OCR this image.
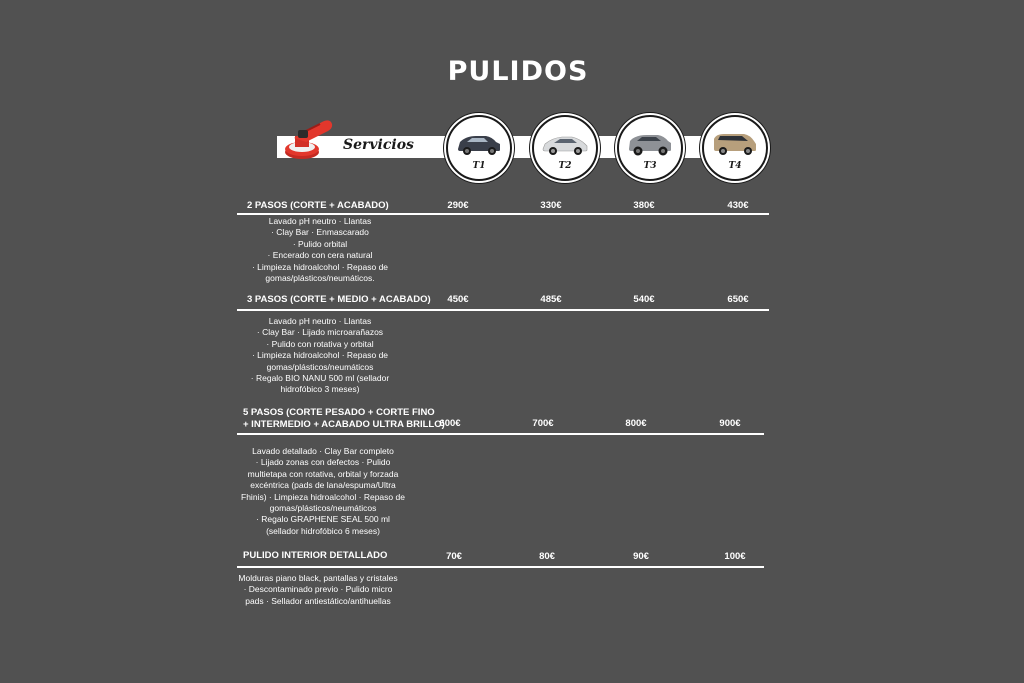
PULIDOS
Servicios
T1	T2	T3	T4
2 PASOS (CORTE + ACABADO)	290€	330€	380€	430€
Lavado pH neutro · Llantas
· Clay Bar · Enmascarado
· Pulido orbital
· Encerado con cera natural
· Limpieza hidroalcohol · Repaso de
gomas/plásticos/neumáticos.
3 PASOS (CORTE + MEDIO + ACABADO)	450€	485€	540€	650€
Lavado pH neutro · Llantas
· Clay Bar · Lijado microarañazos
· Pulido con rotativa y orbital
· Limpieza hidroalcohol · Repaso de
gomas/plásticos/neumáticos
· Regalo BIO NANU 500 ml (sellador
hidrofóbico 3 meses)
5 PASOS (CORTE PESADO + CORTE FINO
+ INTERMEDIO + ACABADO ULTRA BRILLO)
600€	700€	800€	900€
Lavado detallado · Clay Bar completo
· Lijado zonas con defectos · Pulido
multietapa con rotativa, orbital y forzada
excéntrica (pads de lana/espuma/Ultra
Fhinis) · Limpieza hidroalcohol · Repaso de
gomas/plásticos/neumáticos
· Regalo GRAPHENE SEAL 500 ml
(sellador hidrofóbico 6 meses)
PULIDO INTERIOR DETALLADO	70€	80€	90€	100€
Molduras piano black, pantallas y cristales
· Descontaminado previo · Pulido micro
pads · Sellador antiestático/antihuellas
